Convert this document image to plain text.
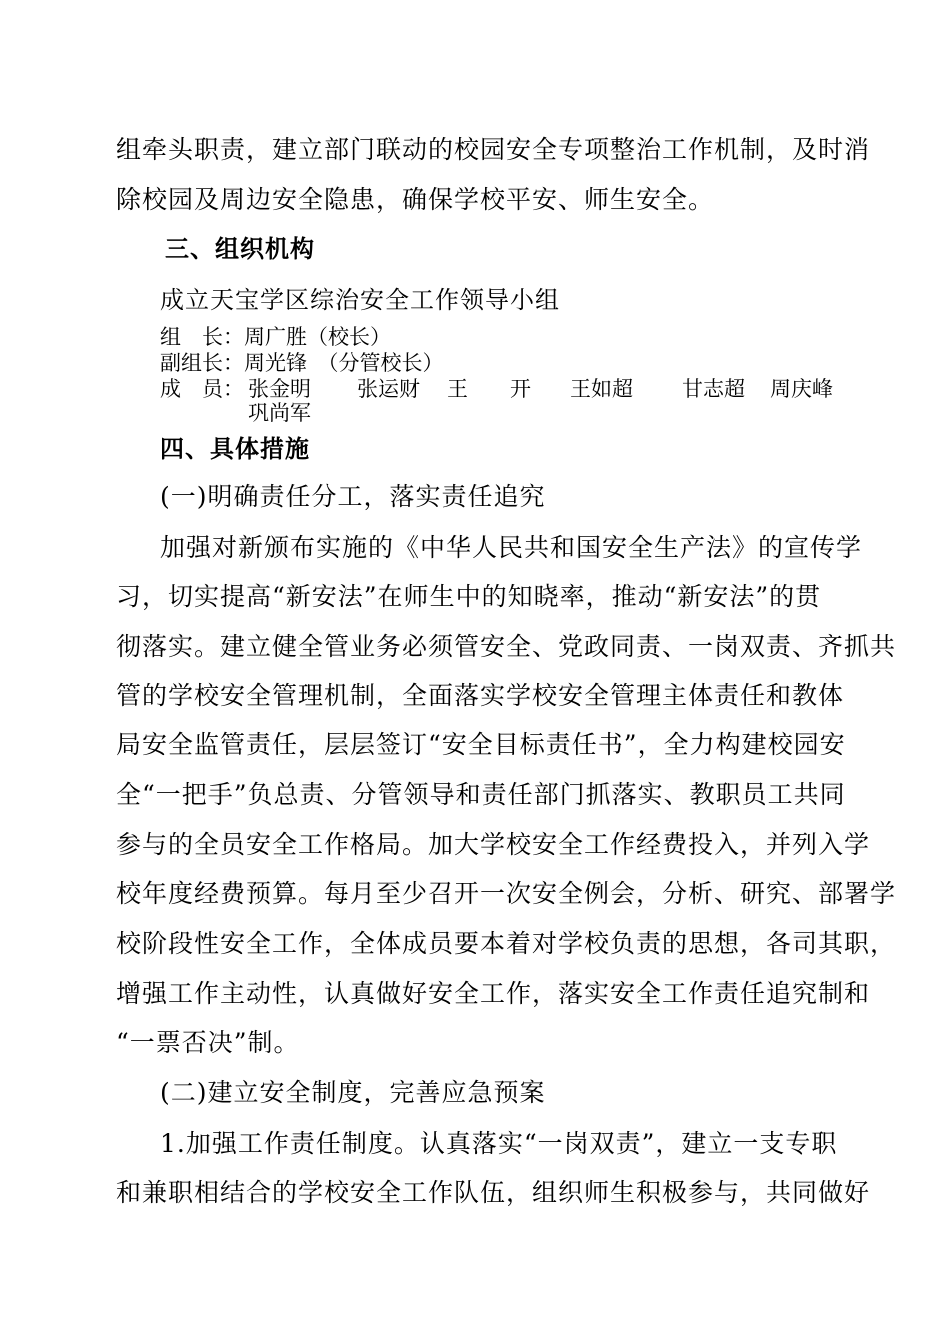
组牵头职责，建立部门联动的校园安全专项整治工作机制，及时消
除校园及周边安全隐患，确保学校平安、师生安全。
三、组织机构
成立天宝学区综治安全工作领导小组
组　长：周广胜（校长）
副组长：周光锋　（分管校长）
成　员： 张金明 张运财 王　　开 王如超 甘志超 周庆峰
巩尚军
四、具体措施
(一)明确责任分工，落实责任追究
加强对新颁布实施的《中华人民共和国安全生产法》的宣传学
习，切实提高“新安法”在师生中的知晓率，推动“新安法”的贯
彻落实。建立健全管业务必须管安全、党政同责、一岗双责、齐抓共
管的学校安全管理机制，全面落实学校安全管理主体责任和教体
局安全监管责任，层层签订“安全目标责任书”，全力构建校园安
全“一把手”负总责、分管领导和责任部门抓落实、教职员工共同
参与的全员安全工作格局。加大学校安全工作经费投入，并列入学
校年度经费预算。每月至少召开一次安全例会，分析、研究、部署学
校阶段性安全工作，全体成员要本着对学校负责的思想，各司其职，
增强工作主动性，认真做好安全工作，落实安全工作责任追究制和
“一票否决”制。
(二)建立安全制度，完善应急预案
1.加强工作责任制度。认真落实“一岗双责”，建立一支专职
和兼职相结合的学校安全工作队伍，组织师生积极参与，共同做好
